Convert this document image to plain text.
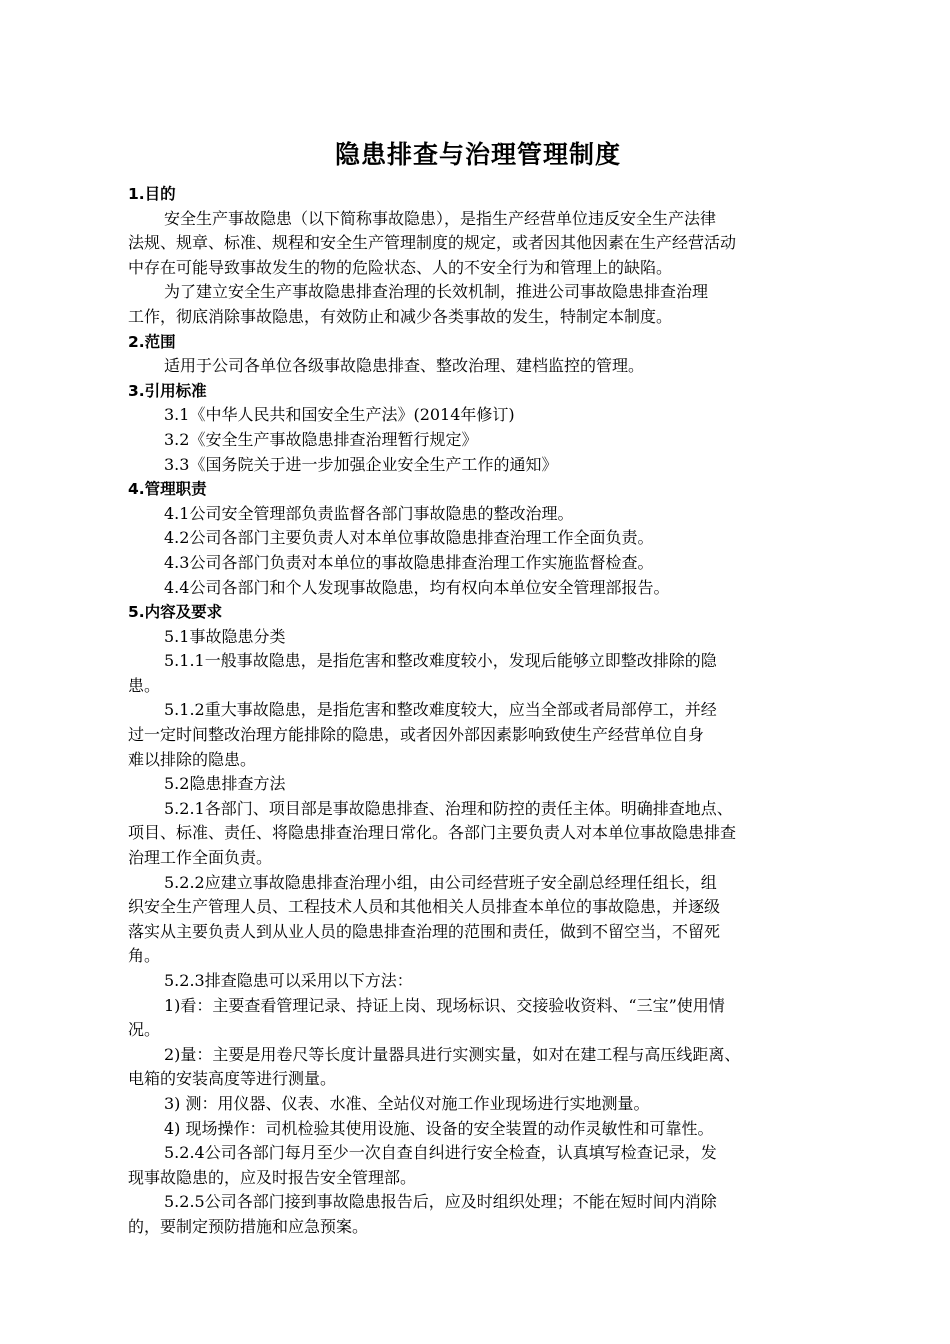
隐患排查与治理管理制度
1.目的
安全生产事故隐患（以下简称事故隐患），是指生产经营单位违反安全生产法律
法规、规章、标准、规程和安全生产管理制度的规定，或者因其他因素在生产经营活动
中存在可能导致事故发生的物的危险状态、人的不安全行为和管理上的缺陷。
为了建立安全生产事故隐患排查治理的长效机制，推进公司事故隐患排查治理
工作，彻底消除事故隐患，有效防止和减少各类事故的发生，特制定本制度。
2.范围
适用于公司各单位各级事故隐患排查、整改治理、建档监控的管理。
3.引用标准
3.1《中华人民共和国安全生产法》(2014年修订)
3.2《安全生产事故隐患排查治理暂行规定》
3.3《国务院关于进一步加强企业安全生产工作的通知》
4.管理职责
4.1公司安全管理部负责监督各部门事故隐患的整改治理。
4.2公司各部门主要负责人对本单位事故隐患排查治理工作全面负责。
4.3公司各部门负责对本单位的事故隐患排查治理工作实施监督检查。
4.4公司各部门和个人发现事故隐患，均有权向本单位安全管理部报告。
5.内容及要求
5.1事故隐患分类
5.1.1一般事故隐患，是指危害和整改难度较小，发现后能够立即整改排除的隐
患。
5.1.2重大事故隐患，是指危害和整改难度较大，应当全部或者局部停工，并经
过一定时间整改治理方能排除的隐患，或者因外部因素影响致使生产经营单位自身
难以排除的隐患。
5.2隐患排查方法
5.2.1各部门、项目部是事故隐患排查、治理和防控的责任主体。明确排查地点、
项目、标准、责任、将隐患排查治理日常化。各部门主要负责人对本单位事故隐患排查
治理工作全面负责。
5.2.2应建立事故隐患排查治理小组，由公司经营班子安全副总经理任组长，组
织安全生产管理人员、工程技术人员和其他相关人员排查本单位的事故隐患，并逐级
落实从主要负责人到从业人员的隐患排查治理的范围和责任，做到不留空当，不留死
角。
5.2.3排查隐患可以采用以下方法：
1)看：主要查看管理记录、持证上岗、现场标识、交接验收资料、“三宝”使用情
况。
2)量：主要是用卷尺等长度计量器具进行实测实量，如对在建工程与高压线距离、
电箱的安装高度等进行测量。
3) 测：用仪器、仪表、水准、全站仪对施工作业现场进行实地测量。
4) 现场操作：司机检验其使用设施、设备的安全装置的动作灵敏性和可靠性。
5.2.4公司各部门每月至少一次自查自纠进行安全检查，认真填写检查记录，发
现事故隐患的，应及时报告安全管理部。
5.2.5公司各部门接到事故隐患报告后，应及时组织处理；不能在短时间内消除
的，要制定预防措施和应急预案。
